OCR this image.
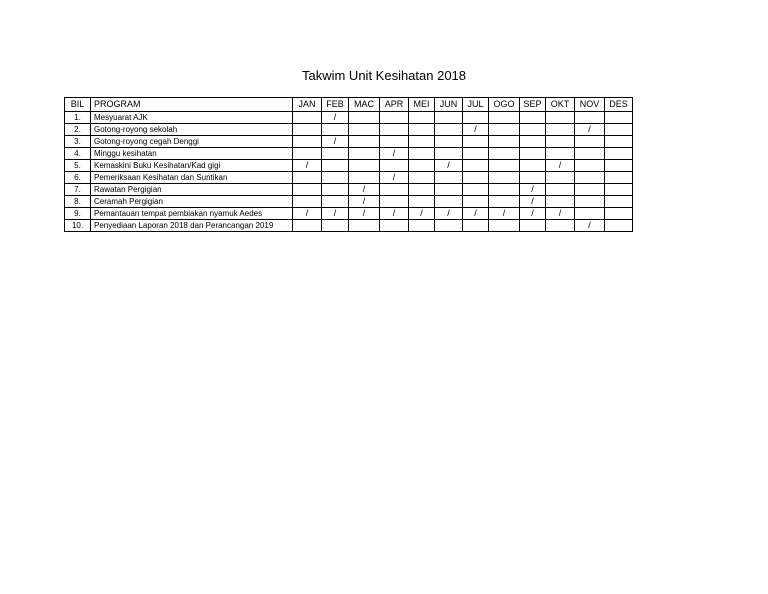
Takwim Unit Kesihatan 2018
BIL	PROGRAM	JAN	FEB	MAC	APR	MEI	JUN	JUL	OGO	SEP	OKT	NOV	DES
1.	Mesyuarat AJK		/										
2.	Gotong-royong sekolah							/				/	
3.	Gotong-royong cegah Denggi		/										
4.	Minggu kesihatan				/								
5.	Kemaskini Buku Kesihatan/Kad gigi	/					/				/		
6.	Pemeriksaan Kesihatan dan Suntikan				/								
7.	Rawatan Pergigian			/						/			
8.	Ceramah Pergigian			/						/			
9.	Pemantauan tempat pembiakan nyamuk Aedes	/	/	/	/	/	/	/	/	/	/		
10.	Penyediaan Laporan 2018 dan Perancangan 2019											/	
